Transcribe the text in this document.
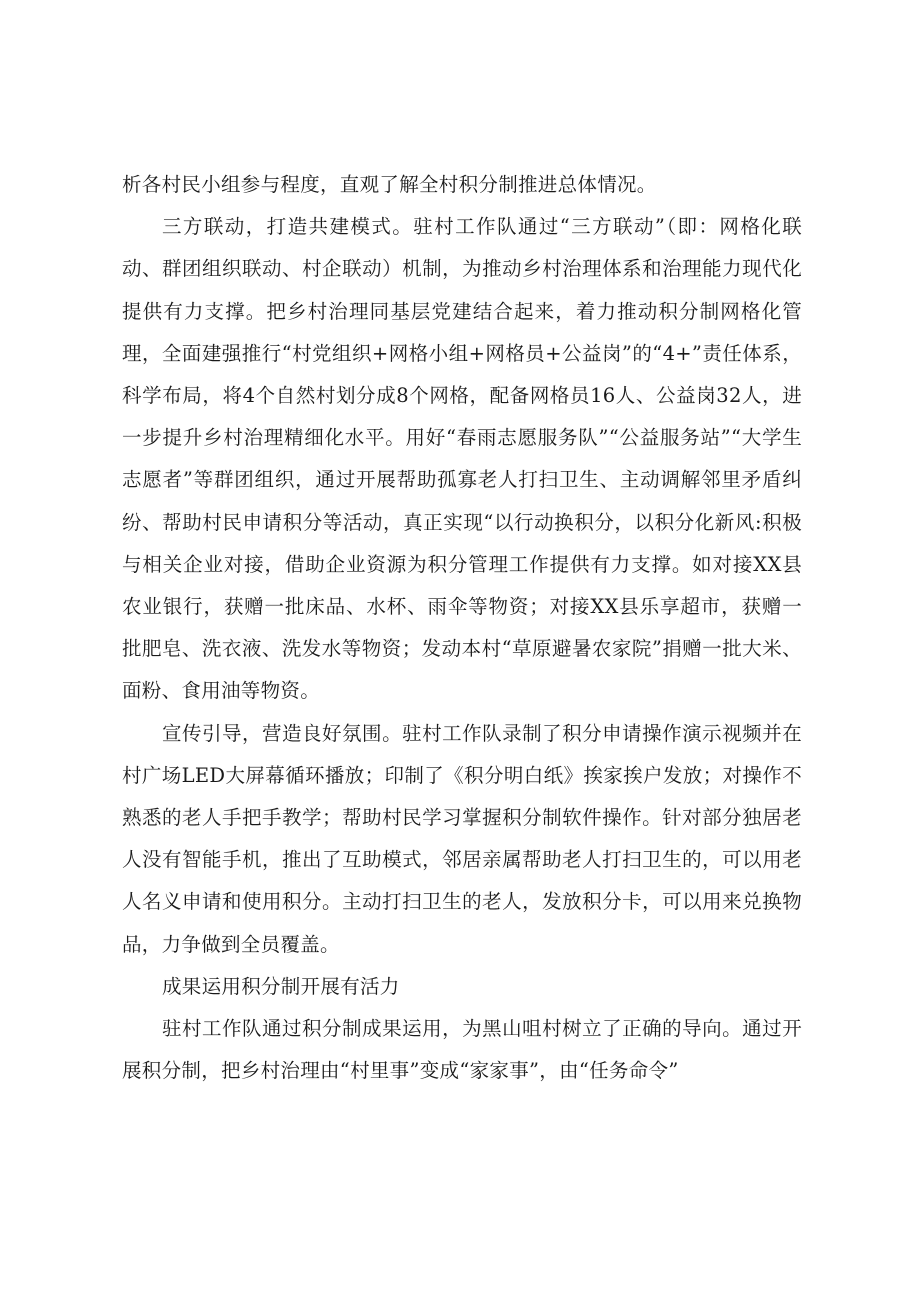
析各村民小组参与程度，直观了解全村积分制推进总体情况。

三方联动，打造共建模式。驻村工作队通过“三方联动”（即：网格化联动、群团组织联动、村企联动）机制，为推动乡村治理体系和治理能力现代化提供有力支撑。把乡村治理同基层党建结合起来，着力推动积分制网格化管理，全面建强推行“村党组织+网格小组+网格员+公益岗”的“4+”责任体系，科学布局，将4个自然村划分成8个网格，配备网格员16人、公益岗32人，进一步提升乡村治理精细化水平。用好“春雨志愿服务队”“公益服务站”“大学生志愿者”等群团组织，通过开展帮助孤寡老人打扫卫生、主动调解邻里矛盾纠纷、帮助村民申请积分等活动，真正实现“以行动换积分，以积分化新风:积极与相关企业对接，借助企业资源为积分管理工作提供有力支撑。如对接XX县农业银行，获赠一批床品、水杯、雨伞等物资；对接XX县乐享超市，获赠一批肥皂、洗衣液、洗发水等物资；发动本村“草原避暑农家院”捐赠一批大米、面粉、食用油等物资。

宣传引导，营造良好氛围。驻村工作队录制了积分申请操作演示视频并在村广场LED大屏幕循环播放；印制了《积分明白纸》挨家挨户发放；对操作不熟悉的老人手把手教学；帮助村民学习掌握积分制软件操作。针对部分独居老人没有智能手机，推出了互助模式，邻居亲属帮助老人打扫卫生的，可以用老人名义申请和使用积分。主动打扫卫生的老人，发放积分卡，可以用来兑换物品，力争做到全员覆盖。

成果运用积分制开展有活力

驻村工作队通过积分制成果运用，为黑山咀村树立了正确的导向。通过开展积分制，把乡村治理由“村里事”变成“家家事”，由“任务命令”
